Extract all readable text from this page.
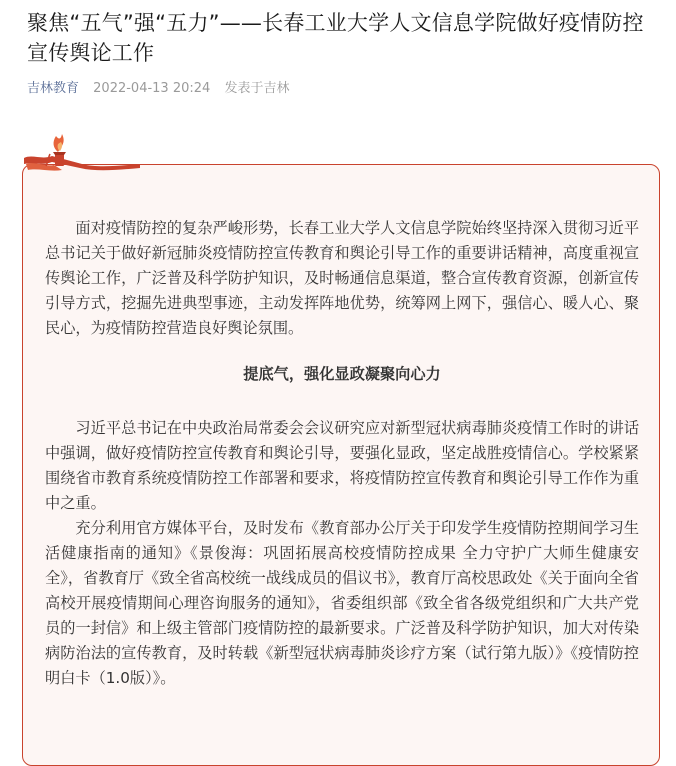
聚焦“五气”强“五力”——长春工业大学人文信息学院做好疫情防控宣传舆论工作
吉林教育 2022-04-13 20:24 发表于吉林

面对疫情防控的复杂严峻形势，长春工业大学人文信息学院始终坚持深入贯彻习近平总书记关于做好新冠肺炎疫情防控宣传教育和舆论引导工作的重要讲话精神，高度重视宣传舆论工作，广泛普及科学防护知识，及时畅通信息渠道，整合宣传教育资源，创新宣传引导方式，挖掘先进典型事迹，主动发挥阵地优势，统筹网上网下，强信心、暖人心、聚民心，为疫情防控营造良好舆论氛围。

提底气，强化显政凝聚向心力

习近平总书记在中央政治局常委会会议研究应对新型冠状病毒肺炎疫情工作时的讲话中强调，做好疫情防控宣传教育和舆论引导，要强化显政，坚定战胜疫情信心。学校紧紧围绕省市教育系统疫情防控工作部署和要求，将疫情防控宣传教育和舆论引导工作作为重中之重。

充分利用官方媒体平台，及时发布《教育部办公厅关于印发学生疫情防控期间学习生活健康指南的通知》《景俊海：巩固拓展高校疫情防控成果 全力守护广大师生健康安全》，省教育厅《致全省高校统一战线成员的倡议书》，教育厅高校思政处《关于面向全省高校开展疫情期间心理咨询服务的通知》，省委组织部《致全省各级党组织和广大共产党员的一封信》和上级主管部门疫情防控的最新要求。广泛普及科学防护知识，加大对传染病防治法的宣传教育，及时转载《新型冠状病毒肺炎诊疗方案（试行第九版）》《疫情防控明白卡（1.0版）》。
